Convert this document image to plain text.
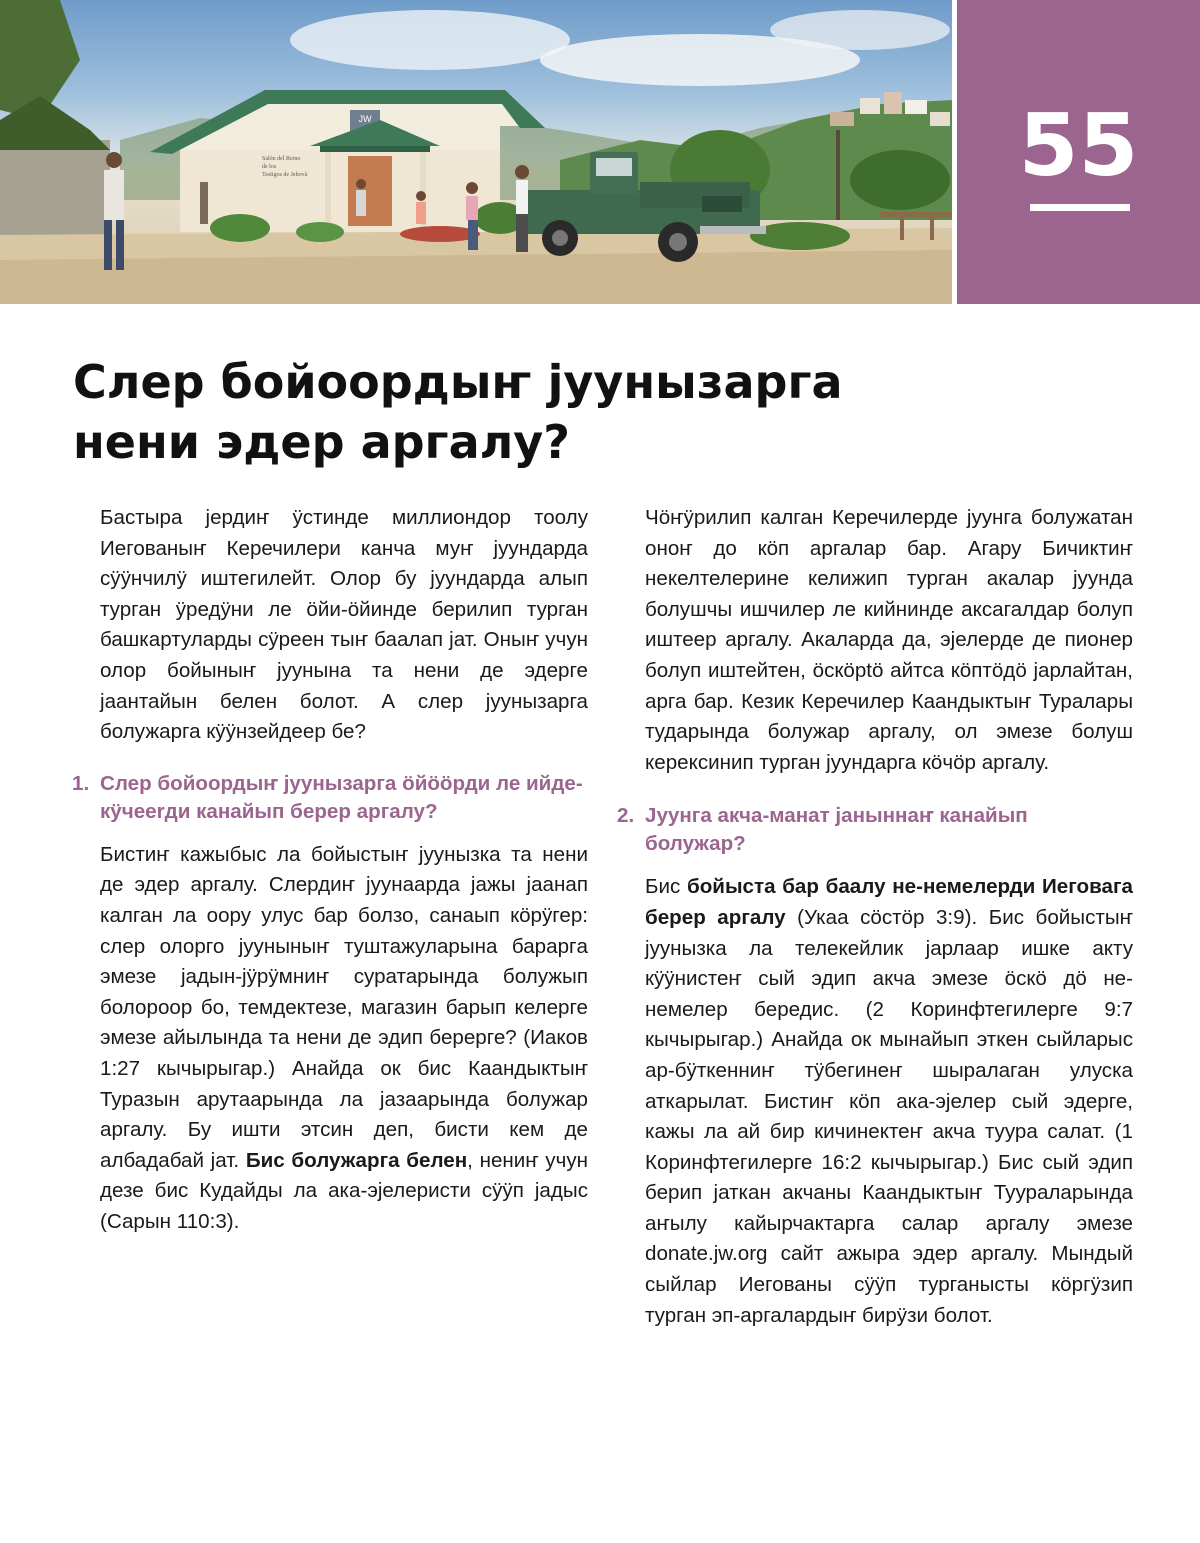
JW
Salón del Reino
de los
Testigos de Jehová	55
Слер бойоордыҥ јуунызарга
нени эдер аргалу?

Бастыра јердиҥ ӱстинде миллиондор тоолу Иегованыҥ Керечилери канча муҥ јуундарда сӱӱнчилӱ иштегилейт. Олор бу јуундарда алып турган ӱредӱни ле ӧйи-ӧйинде берилип турган башкартуларды сӱреен тыҥ баалап јат. Оныҥ учун олор бойыныҥ јуунына та нени де эдерге јаантайын белен болот. А слер јуунызарга болужарга кӱӱнзейдеер бе?

1. Слер бойоордыҥ јуунызарга ӧйӧӧрди ле ийде-кӱчееrди канайып берер аргалу?

Бистиҥ кажыбыс ла бойыстыҥ јуунызка та нени де эдер аргалу. Слердиҥ јуунаарда јажы јаанап калган ла оору улус бар болзо, санаып кӧрӱгер: слер олорго јууныныҥ туштажуларына бараргa эмезе јадын-јӱрӱмниҥ суратарында болужып болороор бо, темдектезе, магазин барып келерге эмезе айылында та нени де эдип берерге? (Иаков 1:27 кычырыгар.) Анайда ок бис Каандыктыҥ Туразын арутаарында ла јазаарында болужар аргалу. Бу ишти этсин деп, бисти кем де албадабай јат. Бис болужарга белен, нениҥ учун дезе бис Кудайды ла ака-эјелеристи сӱӱп јадыс (Сарын 110:3).

Чӧҥӱрилип калган Керечилерде јуунга болужатан оноҥ до кӧп аргалар бар. Агару Бичиктиҥ некелтелерине келижип турган акалар јуунда болушчы ишчилер ле кийнинде аксагалдар болуп иштеер аргалу. Акаларда да, эјелерде де пионер болуп иштейтен, ӧскӧрtӧ айтса кӧптӧдӧ јарлайтан, арга бар. Кезик Керечилер Каандыктыҥ Туралары тударында болужар аргалу, ол эмезе болуш керексинип турган јуундарга кӧчӧр аргалу.

2. Јуунга акча-манат јаныннаҥ канайып болужар?

Бис бойыста бар баалу не-немелерди Иеговага берер аргалу (Укаа сӧстӧр 3:9). Бис бойыстыҥ јуунызка ла телекейлик јарлаар ишке акту кӱӱнистеҥ сый эдип акча эмезе ӧскӧ дӧ не-немелер бередис. (2 Коринфтегилерге 9:7 кычырыгар.) Анайда ок мынайып эткен сыйларыс ар-бӱткенниҥ тӱбегинеҥ шыралаган улуска аткарылат. Бистиҥ кӧп ака-эјелер сый эдерге, кажы ла ай бир кичинектеҥ акча туура салат. (1 Коринфтегилерге 16:2 кычырыгар.) Бис сый эдип берип јаткан акчаны Каандыктыҥ Туураларында аҥылу кайырчактарга салар аргалу эмезе donate.jw.org сайт ажыра эдер аргалу. Мындый сыйлар Иегованы сӱӱп турганысты кӧргӱзип турган эп-аргалардыҥ бирӱзи болот.
